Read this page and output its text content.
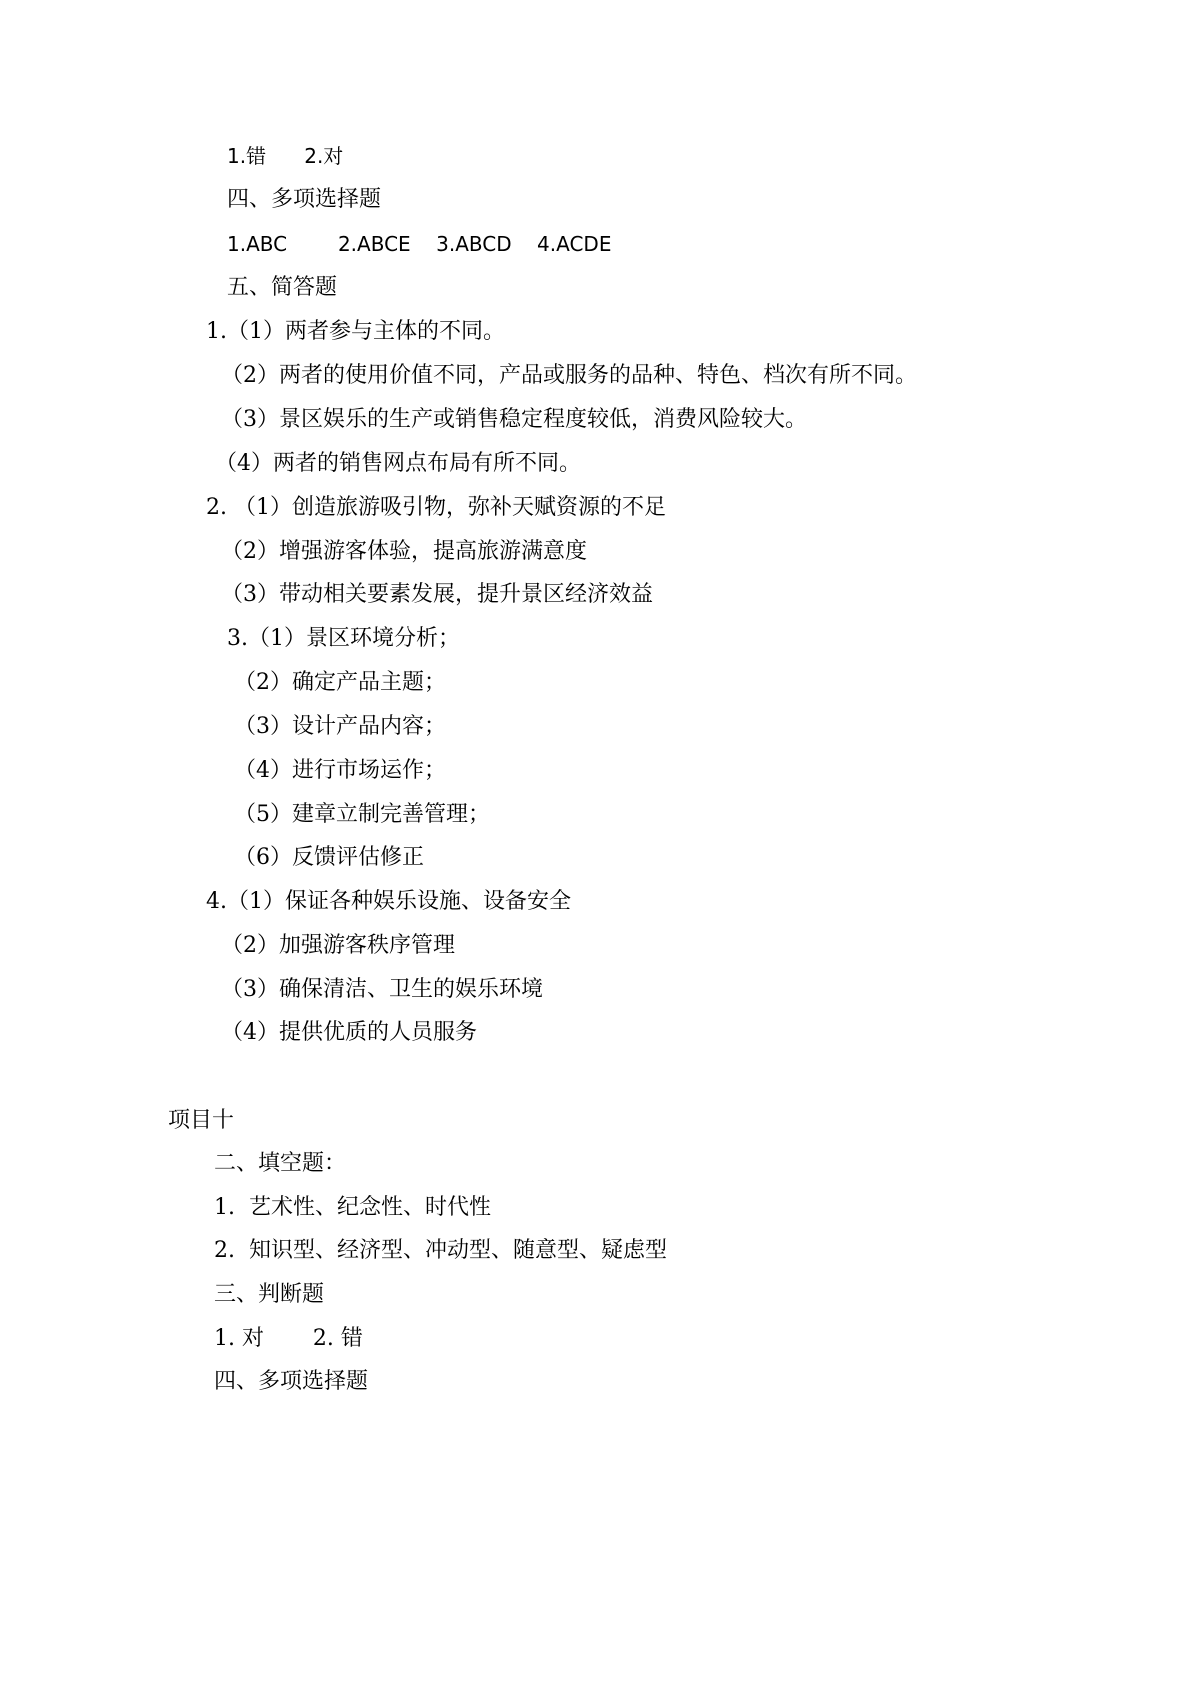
1.错      2.对
四、多项选择题
1.ABC        2.ABCE    3.ABCD    4.ACDE
五、简答题
1.（1）两者参与主体的不同。
（2）两者的使用价值不同，产品或服务的品种、特色、档次有所不同。
（3）景区娱乐的生产或销售稳定程度较低，消费风险较大。
（4）两者的销售网点布局有所不同。
2. （1）创造旅游吸引物，弥补天赋资源的不足
（2）增强游客体验，提高旅游满意度
（3）带动相关要素发展，提升景区经济效益
3.（1）景区环境分析；
（2）确定产品主题；
（3）设计产品内容；
（4）进行市场运作；
（5）建章立制完善管理；
（6）反馈评估修正
4.（1）保证各种娱乐设施、设备安全
（2）加强游客秩序管理
（3）确保清洁、卫生的娱乐环境
（4）提供优质的人员服务
项目十
二、填空题：
1.  艺术性、纪念性、时代性
2.  知识型、经济型、冲动型、随意型、疑虑型
三、判断题
1. 对       2. 错
四、多项选择题
